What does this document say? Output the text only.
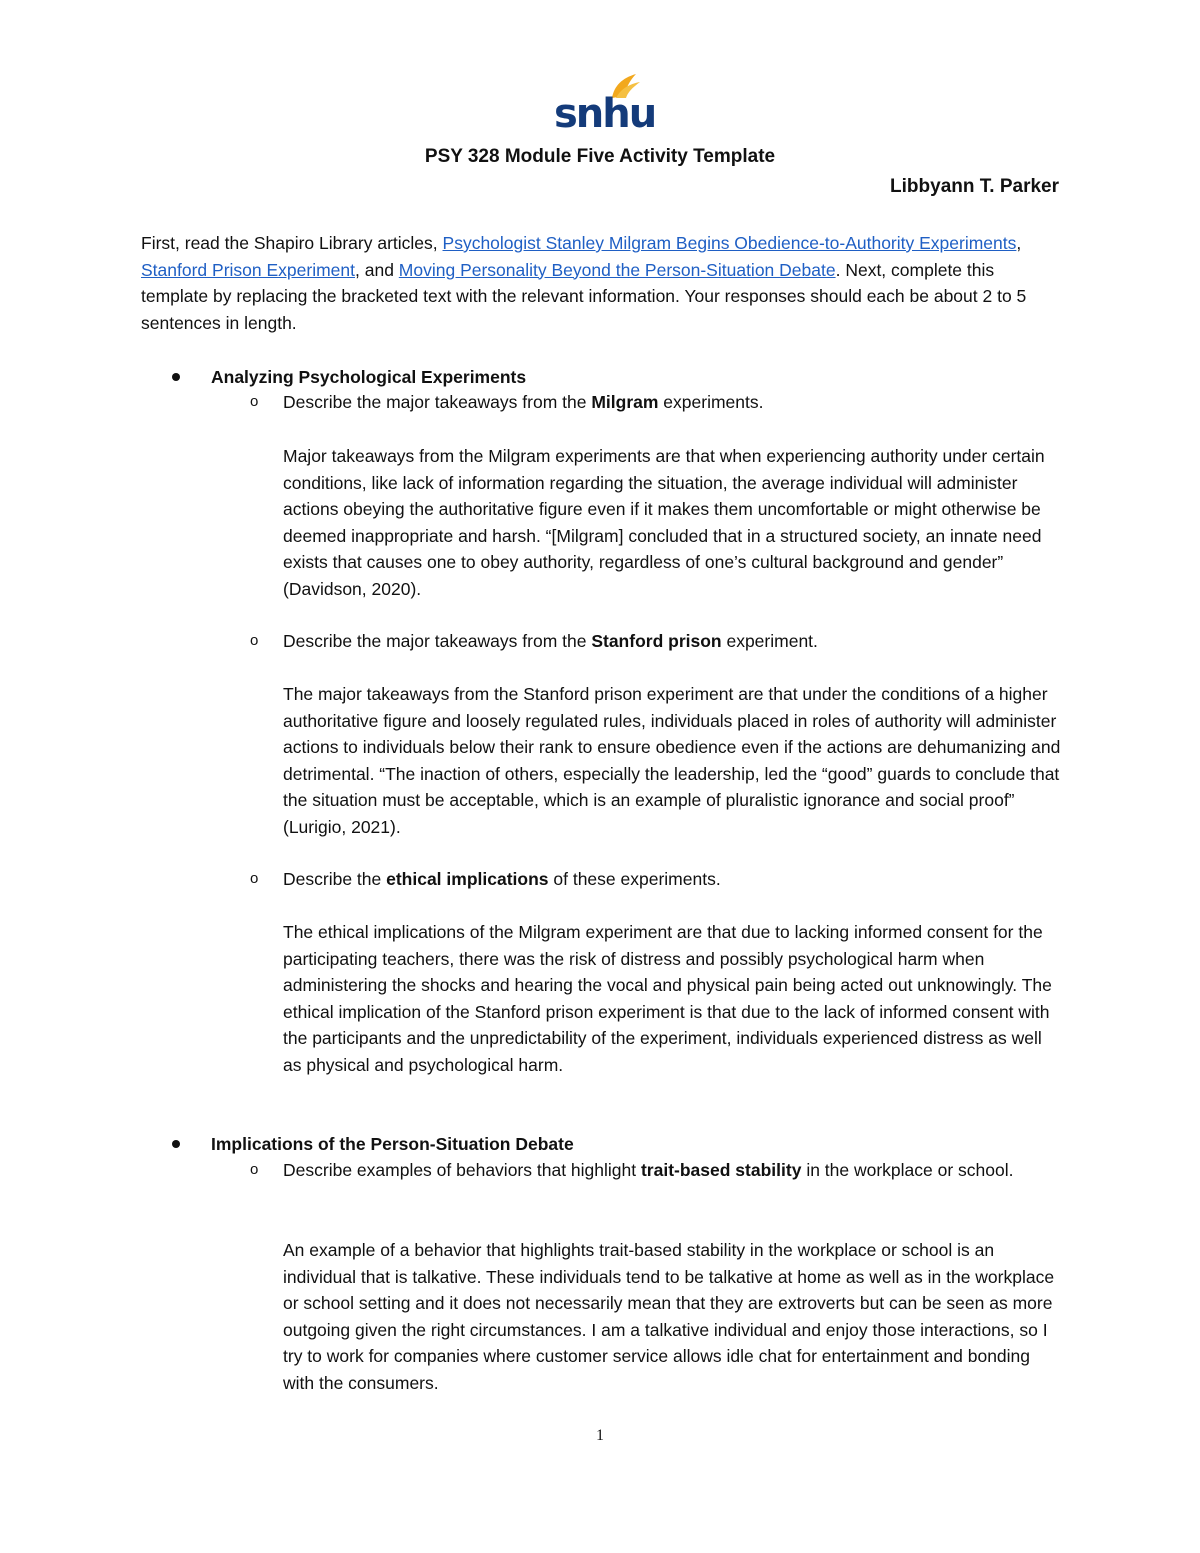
snhu
PSY 328 Module Five Activity Template
Libbyann T. Parker
First, read the Shapiro Library articles, Psychologist Stanley Milgram Begins Obedience-to-Authority Experiments, Stanford Prison Experiment, and Moving Personality Beyond the Person-Situation Debate. Next, complete this template by replacing the bracketed text with the relevant information. Your responses should each be about 2 to 5 sentences in length.
Analyzing Psychological Experiments
o Describe the major takeaways from the Milgram experiments.
Major takeaways from the Milgram experiments are that when experiencing authority under certain conditions, like lack of information regarding the situation, the average individual will administer actions obeying the authoritative figure even if it makes them uncomfortable or might otherwise be deemed inappropriate and harsh. “[Milgram] concluded that in a structured society, an innate need exists that causes one to obey authority, regardless of one’s cultural background and gender” (Davidson, 2020).
o Describe the major takeaways from the Stanford prison experiment.
The major takeaways from the Stanford prison experiment are that under the conditions of a higher authoritative figure and loosely regulated rules, individuals placed in roles of authority will administer actions to individuals below their rank to ensure obedience even if the actions are dehumanizing and detrimental. “The inaction of others, especially the leadership, led the “good” guards to conclude that the situation must be acceptable, which is an example of pluralistic ignorance and social proof” (Lurigio, 2021).
o Describe the ethical implications of these experiments.
The ethical implications of the Milgram experiment are that due to lacking informed consent for the participating teachers, there was the risk of distress and possibly psychological harm when administering the shocks and hearing the vocal and physical pain being acted out unknowingly. The ethical implication of the Stanford prison experiment is that due to the lack of informed consent with the participants and the unpredictability of the experiment, individuals experienced distress as well as physical and psychological harm.
Implications of the Person-Situation Debate
o Describe examples of behaviors that highlight trait-based stability in the workplace or school.
An example of a behavior that highlights trait-based stability in the workplace or school is an individual that is talkative. These individuals tend to be talkative at home as well as in the workplace or school setting and it does not necessarily mean that they are extroverts but can be seen as more outgoing given the right circumstances. I am a talkative individual and enjoy those interactions, so I try to work for companies where customer service allows idle chat for entertainment and bonding with the consumers.
1
